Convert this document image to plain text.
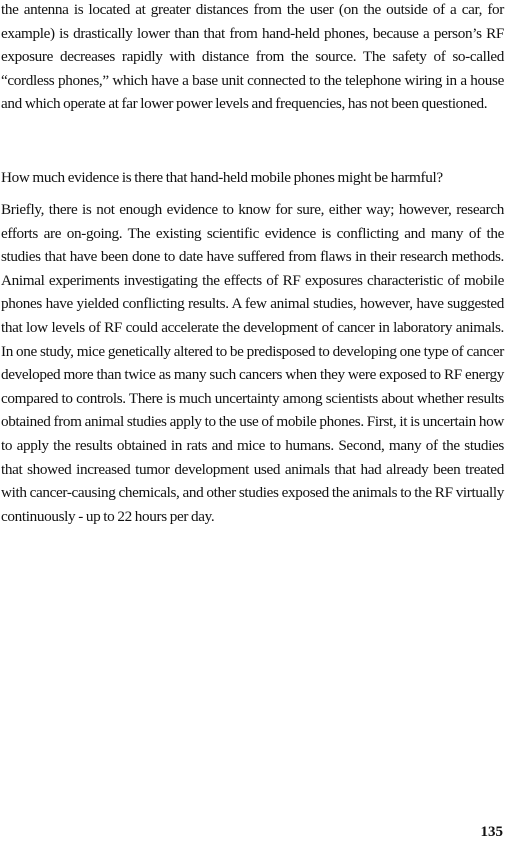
the antenna is located at greater distances from the user (on the outside of a car, for example) is drastically lower than that from hand-held phones, because a person’s RF exposure decreases rapidly with distance from the source. The safety of so-called “cordless phones,” which have a base unit connected to the telephone wiring in a house and which operate at far lower power levels and frequencies, has not been questioned.

How much evidence is there that hand-held mobile phones might be harmful?

Briefly, there is not enough evidence to know for sure, either way; however, research efforts are on-going. The existing scientific evidence is conflicting and many of the studies that have been done to date have suffered from flaws in their research methods. Animal experiments investigating the effects of RF exposures characteristic of mobile phones have yielded conflicting results. A few animal studies, however, have suggested that low levels of RF could accelerate the development of cancer in laboratory animals. In one study, mice genetically altered to be predisposed to developing one type of cancer developed more than twice as many such cancers when they were exposed to RF energy compared to controls. There is much uncertainty among scientists about whether results obtained from animal studies apply to the use of mobile phones. First, it is uncertain how to apply the results obtained in rats and mice to humans. Second, many of the studies that showed increased tumor development used animals that had already been treated with cancer-causing chemicals, and other studies exposed the animals to the RF virtually continuously - up to 22 hours per day.

135
